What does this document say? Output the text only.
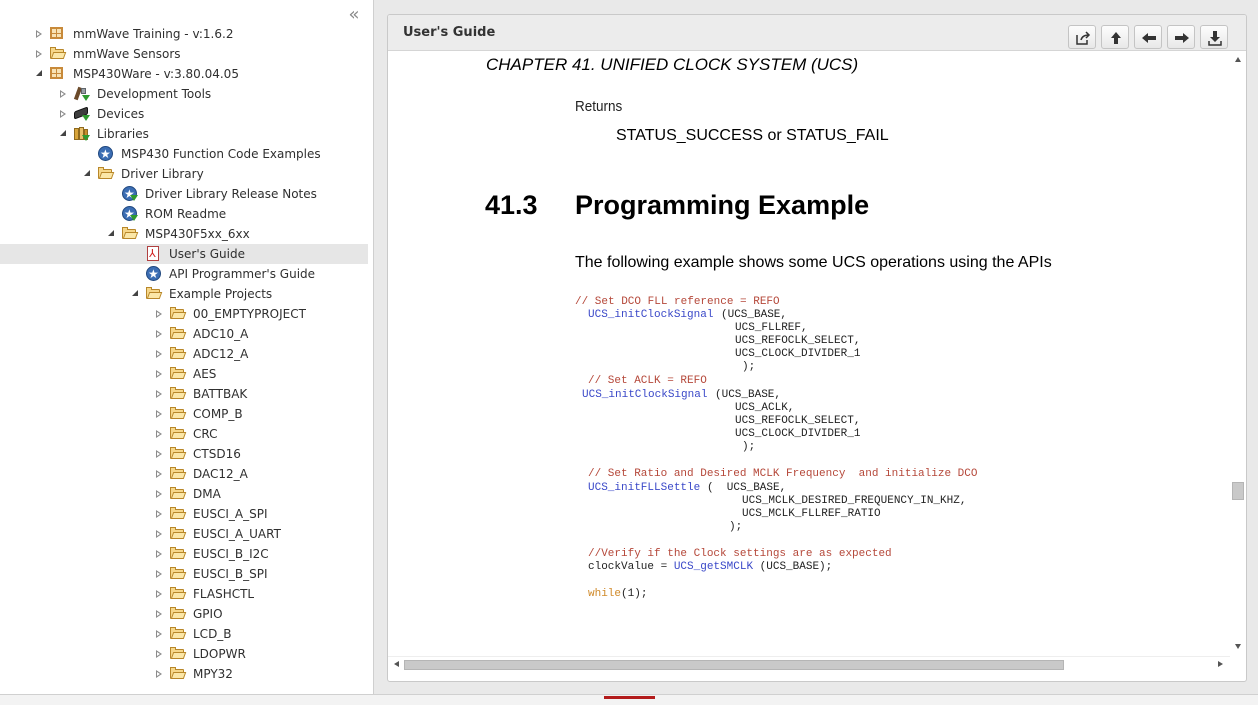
«
mmWave Training - v:1.6.2
mmWave Sensors
MSP430Ware - v:3.80.04.05
Development Tools
Devices
Libraries
★
MSP430 Function Code Examples
Driver Library
★
Driver Library Release Notes
★
ROM Readme
MSP430F5xx_6xx
⅄ User's Guide
★
API Programmer's Guide
Example Projects
00_EMPTYPROJECT
ADC10_A
ADC12_A
AES
BATTBAK
COMP_B
CRC
CTSD16
DAC12_A
DMA
EUSCI_A_SPI
EUSCI_A_UART
EUSCI_B_I2C
EUSCI_B_SPI
FLASHCTL
GPIO
LCD_B
LDOPWR
MPY32
User's Guide
CHAPTER 41. UNIFIED CLOCK SYSTEM (UCS)
Returns
STATUS_SUCCESS or STATUS_FAIL
41.3 Programming Example
The following example shows some UCS operations using the APIs
// Set DCO FLL reference = REFO
UCS_initClockSignal (UCS_BASE,
UCS_FLLREF,
UCS_REFOCLK_SELECT,
UCS_CLOCK_DIVIDER_1
);
// Set ACLK = REFO
UCS_initClockSignal (UCS_BASE,
UCS_ACLK,
UCS_REFOCLK_SELECT,
UCS_CLOCK_DIVIDER_1
);
// Set Ratio and Desired MCLK Frequency  and initialize DCO
UCS_initFLLSettle (  UCS_BASE,
UCS_MCLK_DESIRED_FREQUENCY_IN_KHZ,
UCS_MCLK_FLLREF_RATIO
);
//Verify if the Clock settings are as expected
clockValue = UCS_getSMCLK (UCS_BASE);
while(1);
